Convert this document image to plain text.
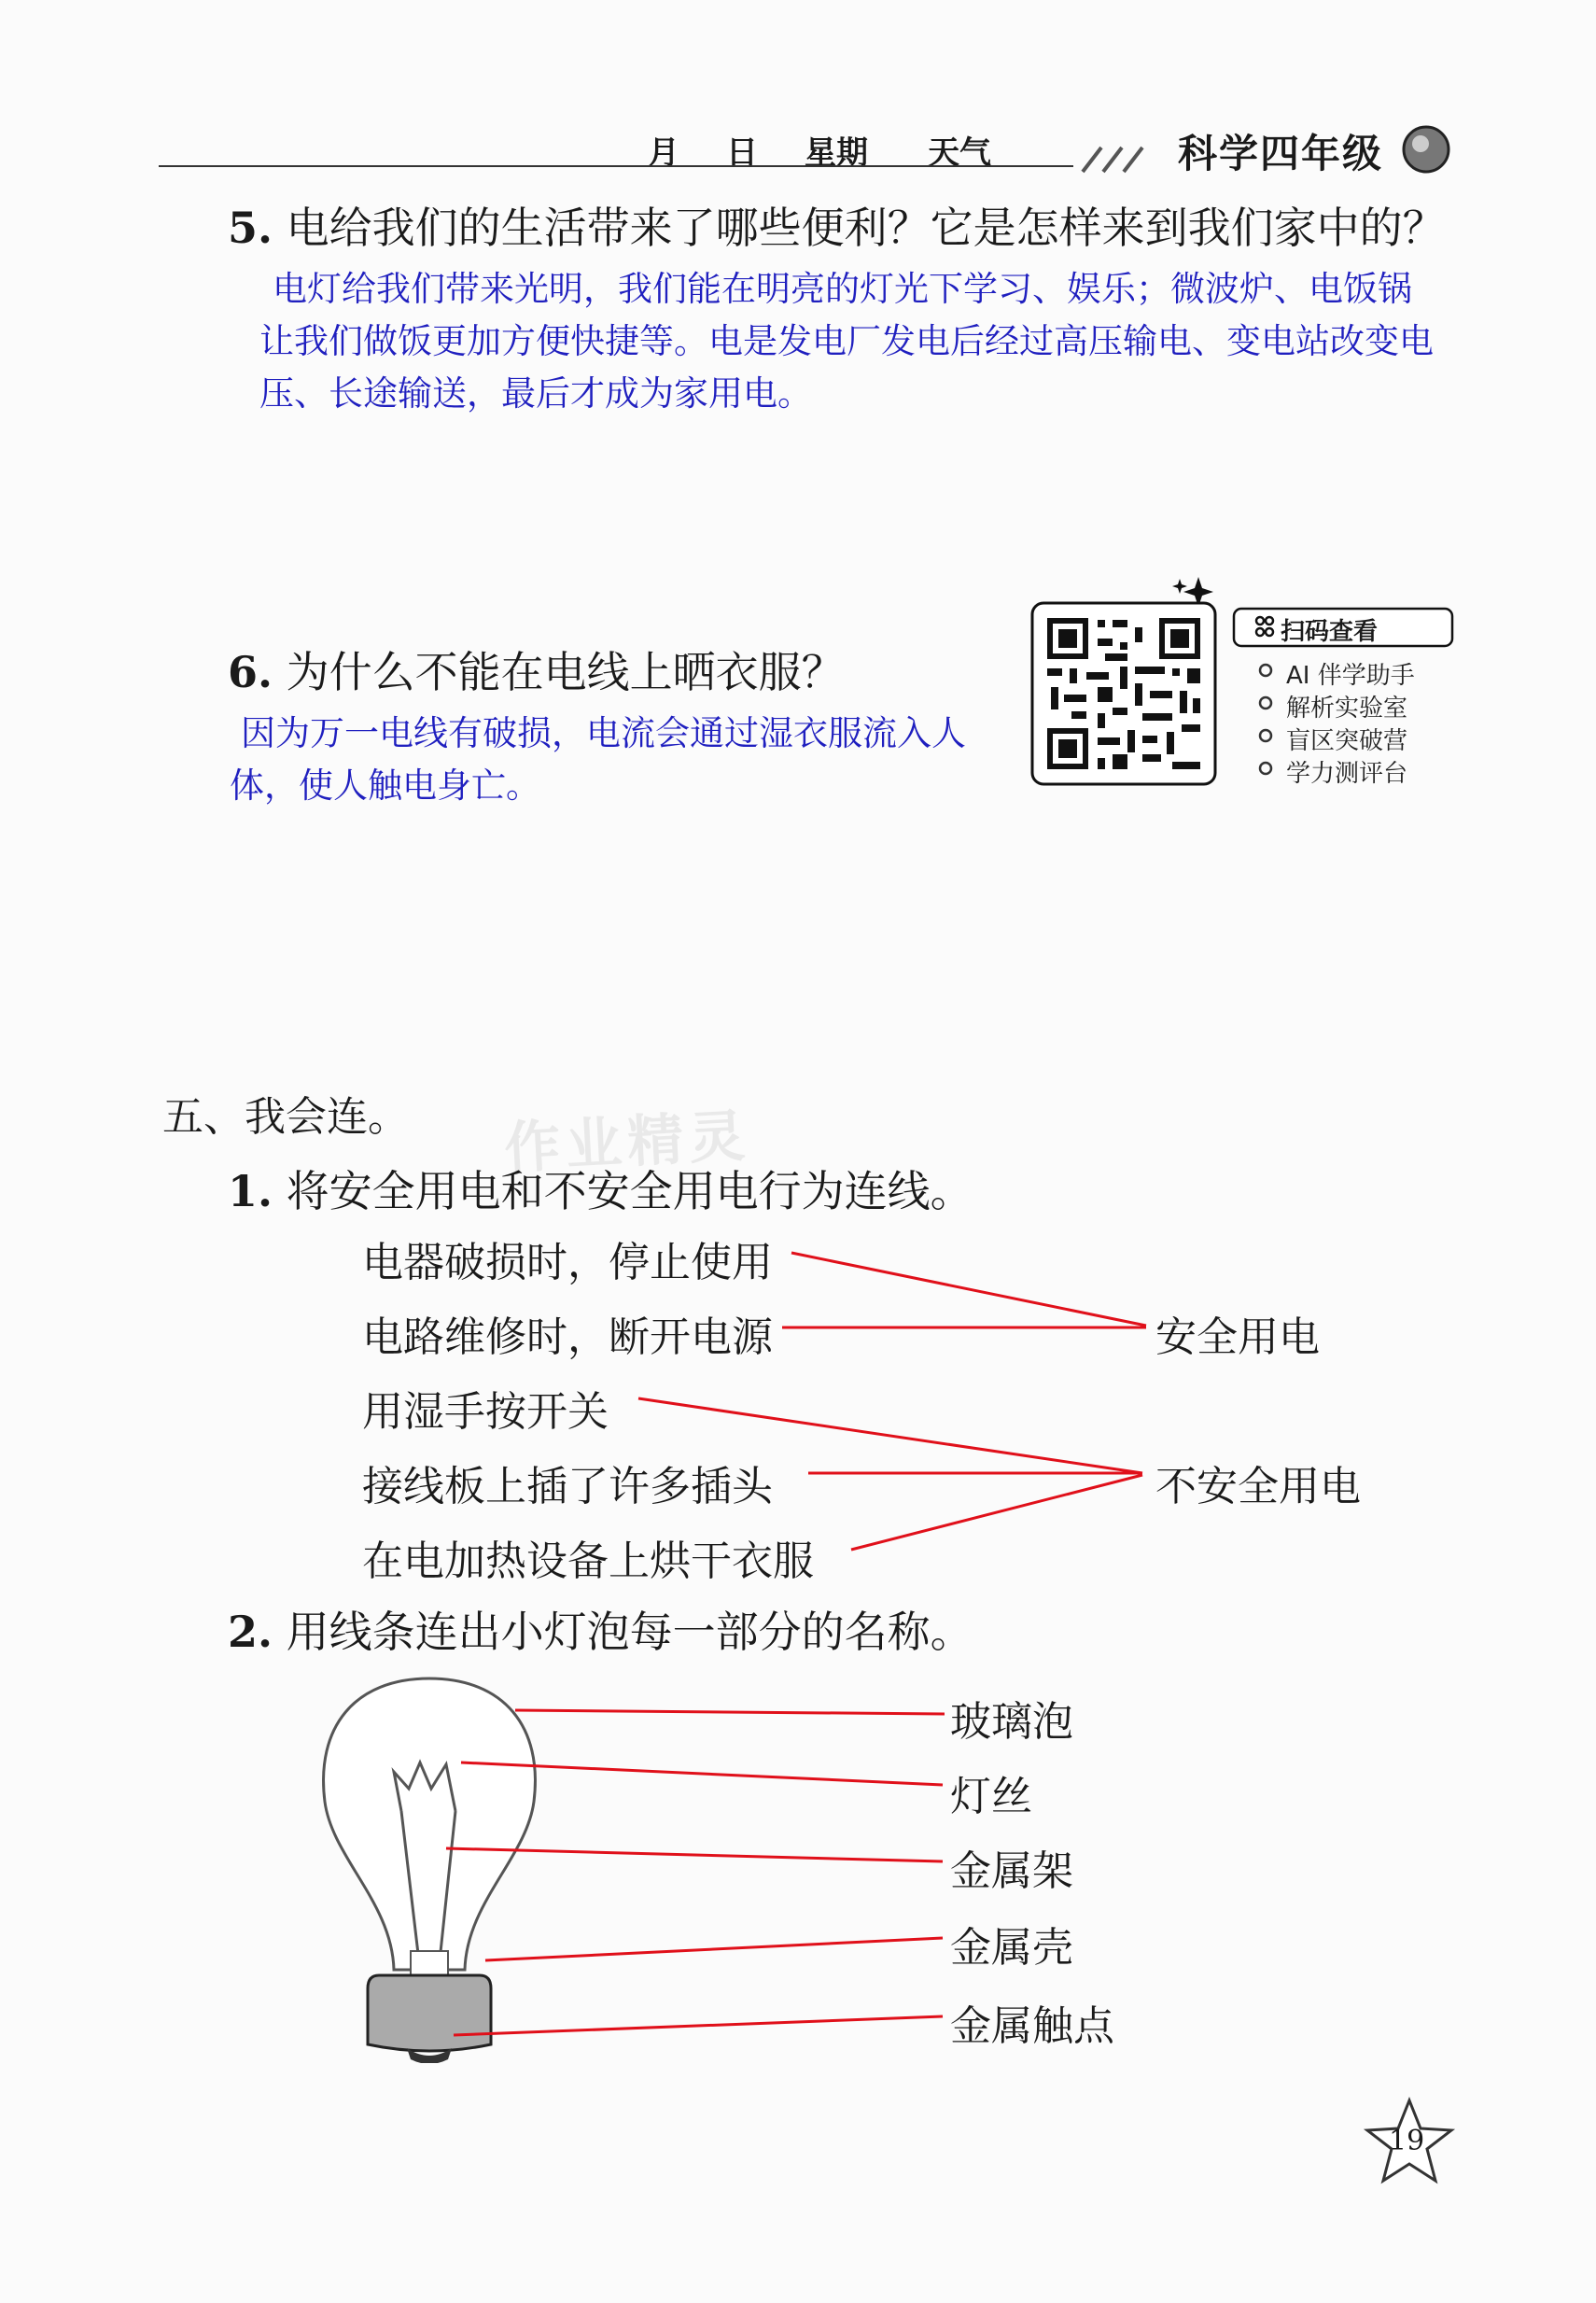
月 日 星期 天气	科学四年级
5. 电给我们的生活带来了哪些便利？它是怎样来到我们家中的？
电灯给我们带来光明，我们能在明亮的灯光下学习、娱乐；微波炉、电饭锅让我们做饭更加方便快捷等。电是发电厂发电后经过高压输电、变电站改变电压、长途输送，最后才成为家用电。
6. 为什么不能在电线上晒衣服？
因为万一电线有破损，电流会通过湿衣服流入人体，使人触电身亡。
扫码查看
AI 伴学助手
解析实验室
盲区突破营
学力测评台
作业精灵
五、我会连。
1. 将安全用电和不安全用电行为连线。
电器破损时，停止使用
电路维修时，断开电源
用湿手按开关
接线板上插了许多插头
在电加热设备上烘干衣服
安全用电
不安全用电
2. 用线条连出小灯泡每一部分的名称。
玻璃泡
灯丝
金属架
金属壳
金属触点
19
